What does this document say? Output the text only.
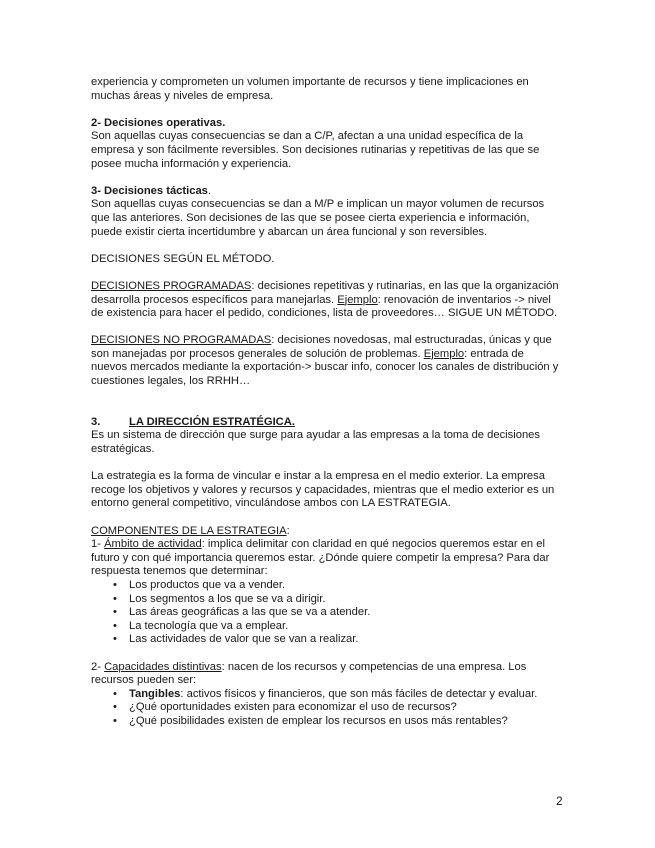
experiencia y comprometen un volumen importante de recursos y tiene implicaciones en muchas áreas y niveles de empresa.

2- Decisiones operativas.

Son aquellas cuyas consecuencias se dan a C/P, afectan a una unidad específica de la empresa y son fácilmente reversibles. Son decisiones rutinarias y repetitivas de las que se posee mucha información y experiencia.

3- Decisiones tácticas.

Son aquellas cuyas consecuencias se dan a M/P e implican un mayor volumen de recursos que las anteriores. Son decisiones de las que se posee cierta experiencia e información, puede existir cierta incertidumbre y abarcan un área funcional y son reversibles.

DECISIONES SEGÚN EL MÉTODO.

DECISIONES PROGRAMADAS: decisiones repetitivas y rutinarias, en las que la organización desarrolla procesos específicos para manejarlas. Ejemplo: renovación de inventarios -> nivel de existencia para hacer el pedido, condiciones, lista de proveedores… SIGUE UN MÉTODO.

DECISIONES NO PROGRAMADAS: decisiones novedosas, mal estructuradas, únicas y que son manejadas por procesos generales de solución de problemas. Ejemplo: entrada de nuevos mercados mediante la exportación-> buscar info, conocer los canales de distribución y cuestiones legales, los RRHH…

3.	LA DIRECCIÓN ESTRATÉGICA.

Es un sistema de dirección que surge para ayudar a las empresas a la toma de decisiones estratégicas.

La estrategia es la forma de vincular e instar a la empresa en el medio exterior. La empresa recoge los objetivos y valores y recursos y capacidades, mientras que el medio exterior es un entorno general competitivo, vinculándose ambos con LA ESTRATEGIA.

COMPONENTES DE LA ESTRATEGIA:

1- Ámbito de actividad: implica delimitar con claridad en qué negocios queremos estar en el futuro y con qué importancia queremos estar. ¿Dónde quiere competir la empresa? Para dar respuesta tenemos que determinar:

• Los productos que va a vender.
• Los segmentos a los que se va a dirigir.
• Las áreas geográficas a las que se va a atender.
• La tecnología que va a emplear.
• Las actividades de valor que se van a realizar.

2- Capacidades distintivas: nacen de los recursos y competencias de una empresa. Los recursos pueden ser:

• Tangibles: activos físicos y financieros, que son más fáciles de detectar y evaluar.
• ¿Qué oportunidades existen para economizar el uso de recursos?
• ¿Qué posibilidades existen de emplear los recursos en usos más rentables?
2
